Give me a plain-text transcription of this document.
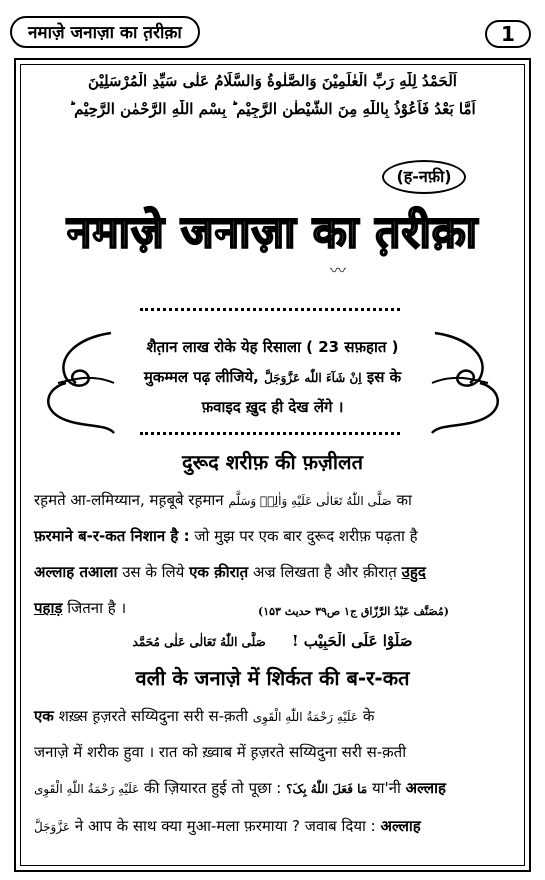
नमाज़े जनाज़ा का त़रीक़ा	1
اَلْحَمْدُ لِلّٰهِ رَبِّ الْعٰلَمِیْنَ وَالصَّلٰوةُ وَالسَّلَامُ عَلٰی سَیِّدِ الْمُرْسَلِیْنَ
اَمَّا بَعْدُ فَاَعُوْذُ بِاللّٰهِ مِنَ الشَّیْطٰنِ الرَّجِیْمِ ؕ بِسْمِ اللّٰهِ الرَّحْمٰنِ الرَّحِیْمِ ؕ
(ह-नफ़ी)
नमाज़े जनाज़ा का त़रीक़ा
〰
शैत़ान लाख रोके येह रिसाला ( 23 सफ़हात )
मुकम्मल पढ़ लीजिये, اِنْ شَآءَ اللّٰه عَزَّوَجَلَّ इस के
फ़वाइद ख़ुद ही देख लेंगे ।
दुरूद शरीफ़ की फ़ज़ीलत
रह़मते आ-लमिय्यान, मह़बूबे रह़मान صَلَّى اللّٰهُ تَعَالٰى عَلَيْهِ وَاٰلِهٖ وَسَلَّم का
फ़रमाने ब-र-कत निशान है : जो मुझ पर एक बार दुरूद शरीफ़ पढ़ता है
अल्लाह तआला उस के लिये एक क़ीरात़ अज्र लिखता है और क़ीरात़ उहुद
पहाड़ जितना है ।	(مُصَنَّف عَبْدُ الرَّزّاق ج۱ ص۳۹ حدیث ۱۵۳)
صَلُّوْا عَلَی الْحَبِیْب !     صَلَّى اللّٰهُ تَعَالٰى عَلٰى مُحَمَّد
वली के जनाज़े में शिर्कत की ब-र-कत
एक शख़्स ह़ज़रते सय्यिदुना सरी स-क़ती عَلَيْهِ رَحْمَةُ اللّٰهِ الْقَوِی के
जनाज़े में शरीक हुवा । रात को ख़्वाब में ह़ज़रते सय्यिदुना सरी स-क़ती
عَلَيْهِ رَحْمَةُ اللّٰهِ الْقَوِی की ज़ियारत हुई तो पूछा : مَا فَعَلَ اللّٰهُ بِکَ؟ या'नी अल्लाह
عَزَّوَجَلَّ ने आप के साथ क्या मुआ-मला फ़रमाया ? जवाब दिया : अल्लाह
